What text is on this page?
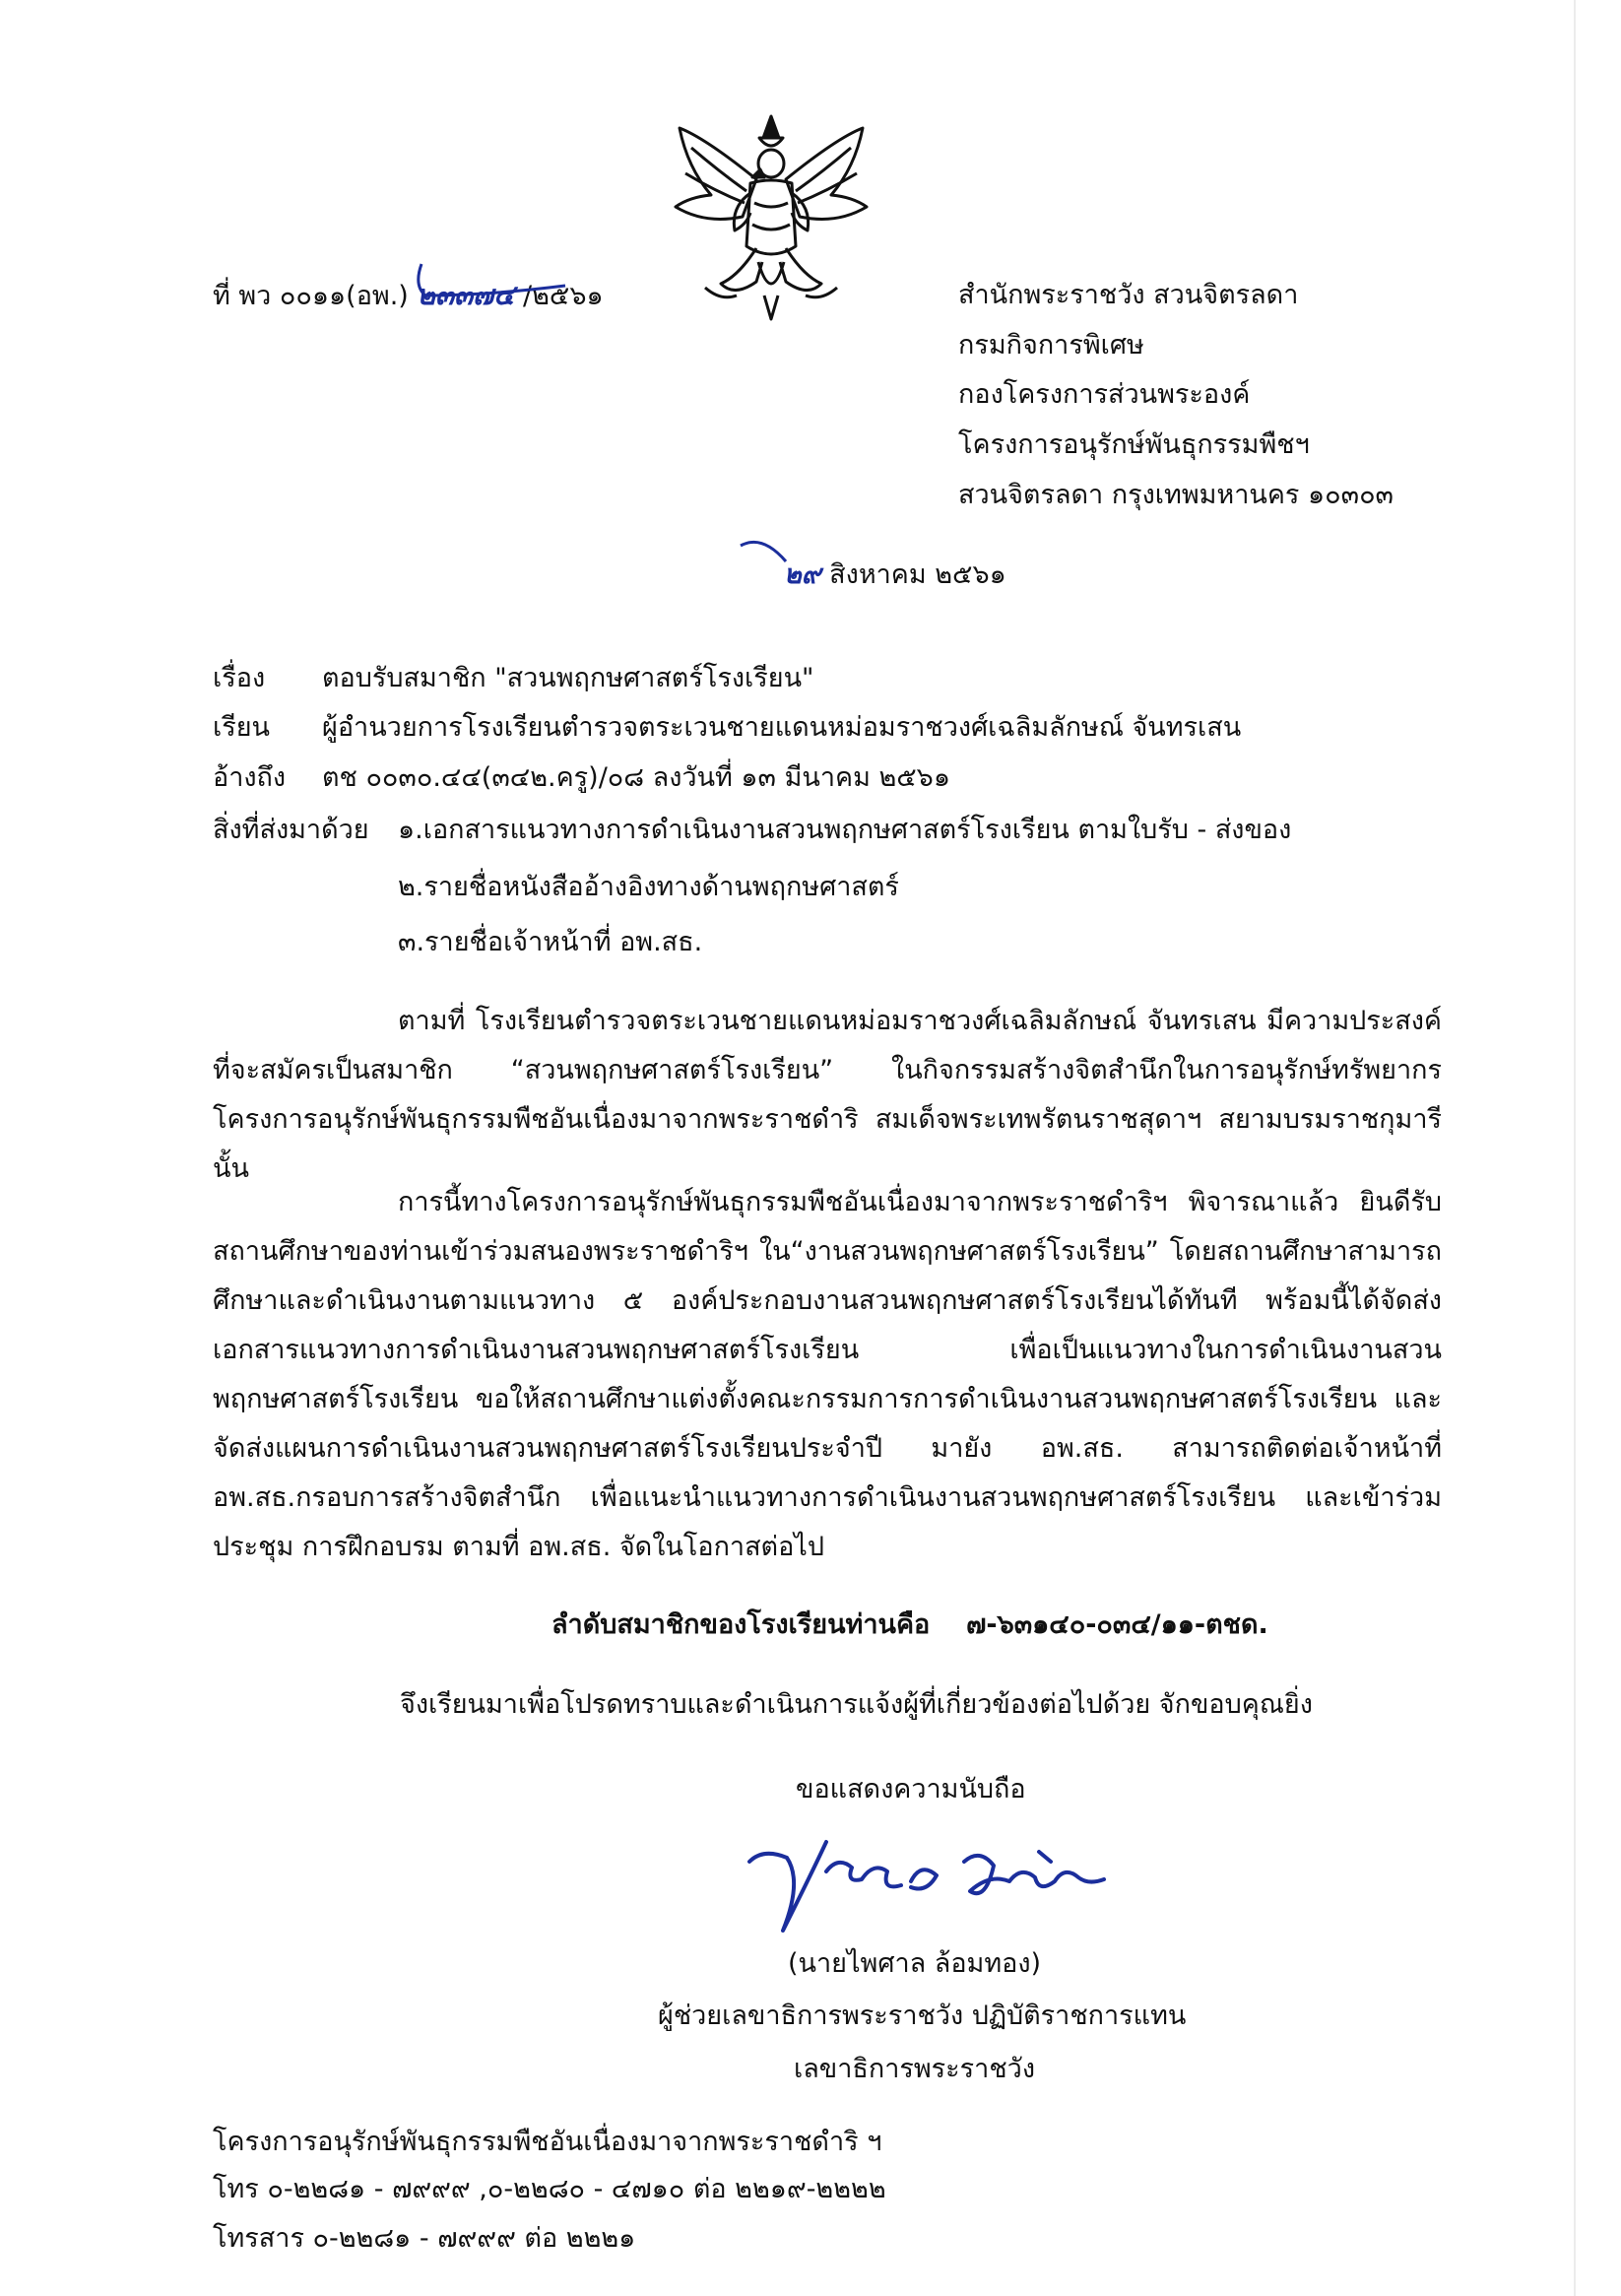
ที่ พว ๐๐๑๑(อพ.) ๒๓๓๗๔ /๒๕๖๑	สำนักพระราชวัง สวนจิตรลดา
กรมกิจการพิเศษ
กองโครงการส่วนพระองค์
โครงการอนุรักษ์พันธุกรรมพืชฯ
สวนจิตรลดา กรุงเทพมหานคร ๑๐๓๐๓
๒๙ สิงหาคม ๒๕๖๑
เรื่อง ตอบรับสมาชิก "สวนพฤกษศาสตร์โรงเรียน"
เรียน ผู้อำนวยการโรงเรียนตำรวจตระเวนชายแดนหม่อมราชวงศ์เฉลิมลักษณ์ จันทรเสน
อ้างถึง ตช ๐๐๓๐.๔๔(๓๔๒.ครู)/๐๘ ลงวันที่ ๑๓ มีนาคม ๒๕๖๑
สิ่งที่ส่งมาด้วย ๑.เอกสารแนวทางการดำเนินงานสวนพฤกษศาสตร์โรงเรียน ตามใบรับ - ส่งของ
๒.รายชื่อหนังสืออ้างอิงทางด้านพฤกษศาสตร์
๓.รายชื่อเจ้าหน้าที่ อพ.สธ.
ตามที่ โรงเรียนตำรวจตระเวนชายแดนหม่อมราชวงศ์เฉลิมลักษณ์ จันทรเสน มีความประสงค์ที่จะสมัครเป็นสมาชิก “สวนพฤกษศาสตร์โรงเรียน” ในกิจกรรมสร้างจิตสำนึกในการอนุรักษ์ทรัพยากร โครงการอนุรักษ์พันธุกรรมพืชอันเนื่องมาจากพระราชดำริ สมเด็จพระเทพรัตนราชสุดาฯ สยามบรมราชกุมารี นั้น
การนี้ทางโครงการอนุรักษ์พันธุกรรมพืชอันเนื่องมาจากพระราชดำริฯ พิจารณาแล้ว ยินดีรับสถานศึกษาของท่านเข้าร่วมสนองพระราชดำริฯ ใน“งานสวนพฤกษศาสตร์โรงเรียน” โดยสถานศึกษาสามารถศึกษาและดำเนินงานตามแนวทาง ๕ องค์ประกอบงานสวนพฤกษศาสตร์โรงเรียนได้ทันที พร้อมนี้ได้จัดส่งเอกสารแนวทางการดำเนินงานสวนพฤกษศาสตร์โรงเรียน เพื่อเป็นแนวทางในการดำเนินงานสวนพฤกษศาสตร์โรงเรียน ขอให้สถานศึกษาแต่งตั้งคณะกรรมการการดำเนินงานสวนพฤกษศาสตร์โรงเรียน และจัดส่งแผนการดำเนินงานสวนพฤกษศาสตร์โรงเรียนประจำปี มายัง อพ.สธ. สามารถติดต่อเจ้าหน้าที่ อพ.สธ.กรอบการสร้างจิตสำนึก เพื่อแนะนำแนวทางการดำเนินงานสวนพฤกษศาสตร์โรงเรียน และเข้าร่วมประชุม การฝึกอบรม ตามที่ อพ.สธ. จัดในโอกาสต่อไป
ลำดับสมาชิกของโรงเรียนท่านคือ ๗-๖๓๑๔๐-๐๓๔/๑๑-ตชด.
จึงเรียนมาเพื่อโปรดทราบและดำเนินการแจ้งผู้ที่เกี่ยวข้องต่อไปด้วย จักขอบคุณยิ่ง
ขอแสดงความนับถือ
(นายไพศาล ล้อมทอง)
ผู้ช่วยเลขาธิการพระราชวัง ปฏิบัติราชการแทน
เลขาธิการพระราชวัง
โครงการอนุรักษ์พันธุกรรมพืชอันเนื่องมาจากพระราชดำริ ฯ
โทร ๐-๒๒๘๑ - ๗๙๙๙ ,๐-๒๒๘๐ - ๔๗๑๐ ต่อ ๒๒๑๙-๒๒๒๒
โทรสาร ๐-๒๒๘๑ - ๗๙๙๙ ต่อ ๒๒๒๑
